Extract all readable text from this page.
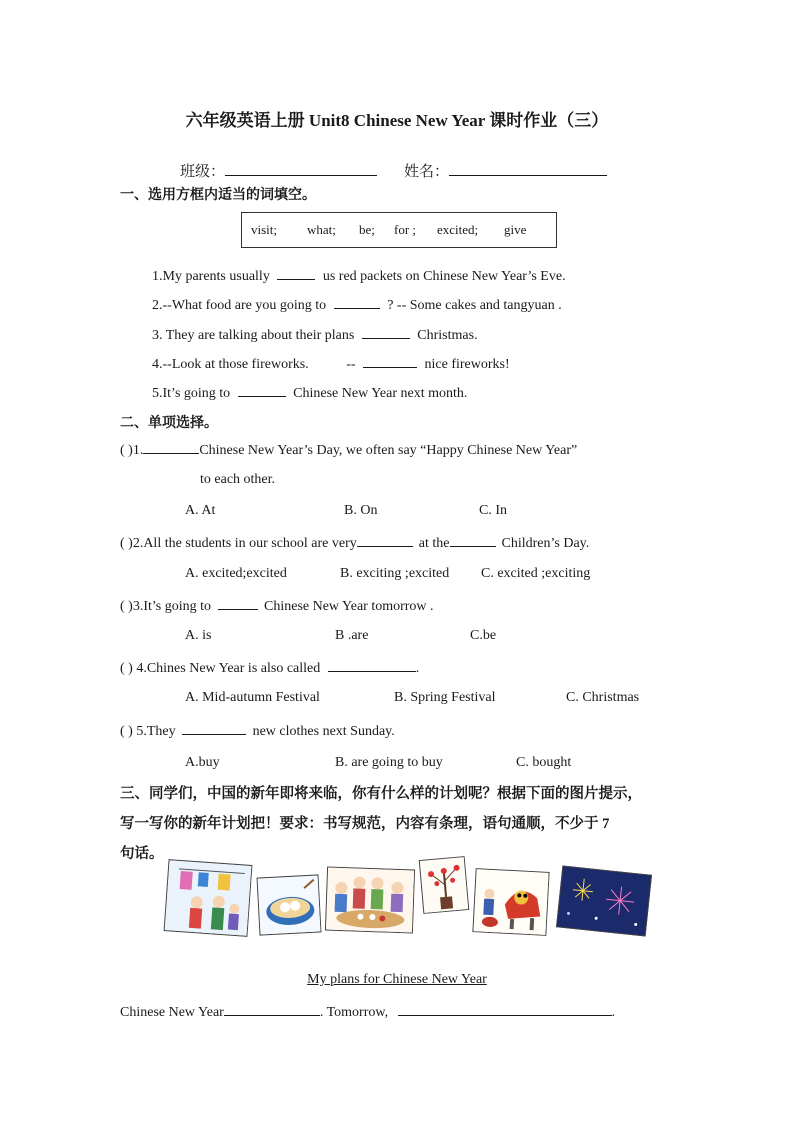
六年级英语上册 Unit8 Chinese New Year 课时作业（三）
班级：	姓名：
一、选用方框内适当的词填空。
visit; what; be; for ; excited; give
1.My parents usually	us red packets on Chinese New Year’s Eve.
2.--What food are you going to	? -- Some cakes and tangyuan .
3. They are talking about their plans	Christmas.
4.--Look at those fireworks.	--	nice fireworks!
5.It’s going to	Chinese New Year next month.
二、单项选择。
( )1.	Chinese New Year’s Day, we often say “Happy Chinese New Year”
to each other.
A. At	B. On	C. In
( )2.All the students in our school are very	at the	Children’s Day.
A. excited;excited	B. exciting ;excited C. excited ;exciting
( )3.It’s going to	Chinese New Year tomorrow .
A. is	B .are	C.be
( ) 4.Chines New Year is also called	.
A. Mid-autumn Festival	B. Spring Festival	C. Christmas
( ) 5.They	new clothes next Sunday.
A.buy	B. are going to buy	C. bought
三、同学们，中国的新年即将来临，你有什么样的计划呢？根据下面的图片提示，
写一写你的新年计划把！要求：书写规范，内容有条理，语句通顺，不少于 7
句话。
My plans for Chinese New Year
Chinese New Year	. Tomorrow,	.
